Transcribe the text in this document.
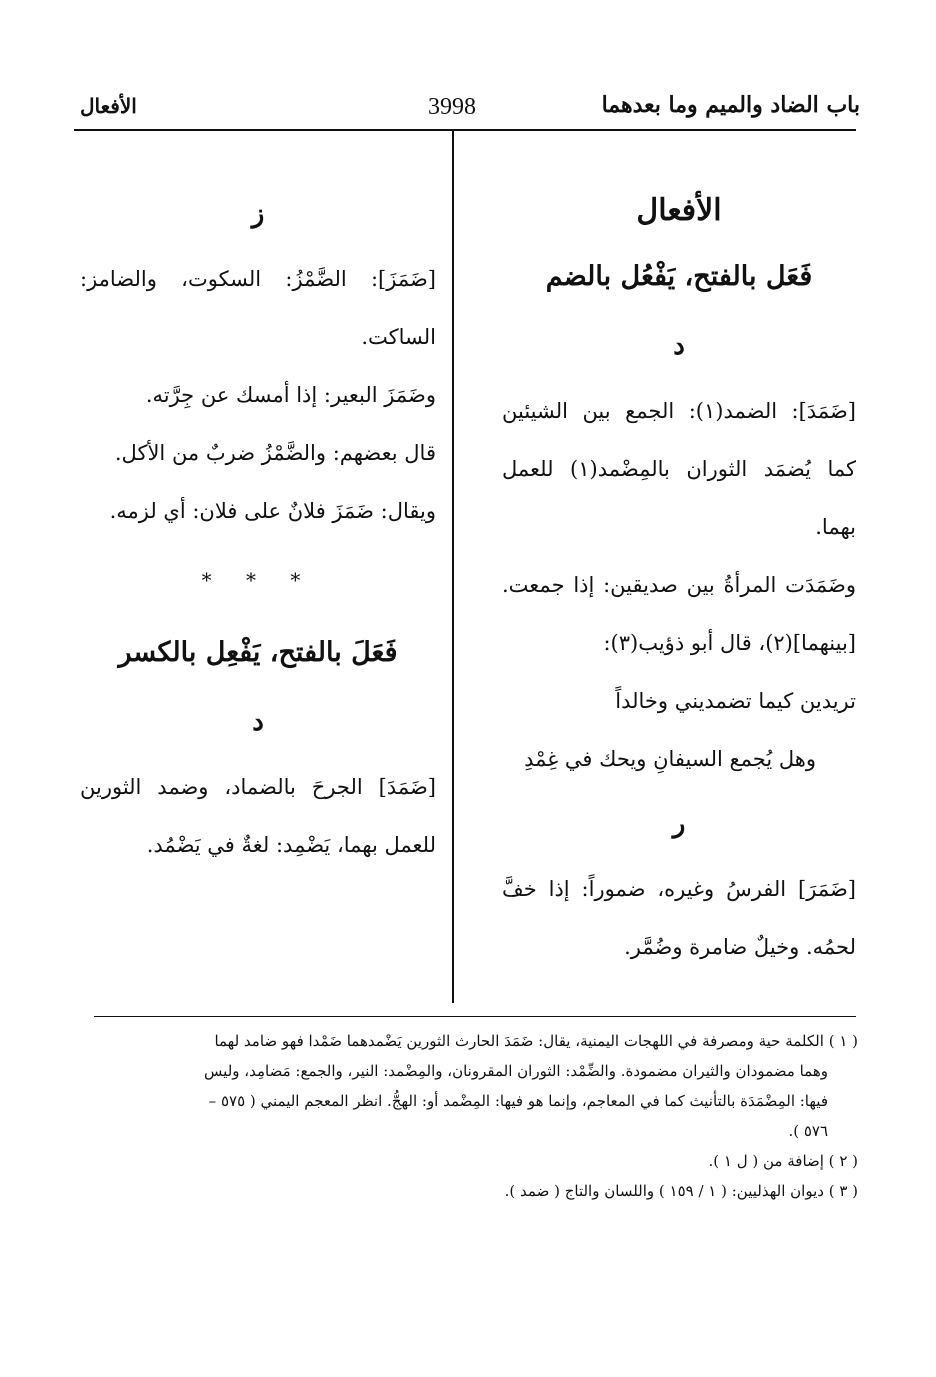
باب الضاد والميم وما بعدهما
3998
الأفعال

الأفعال

فَعَل بالفتح، يَفْعُل بالضم

د

[ضَمَدَ]: الضمد(١): الجمع بين الشيئين كما يُضمَد الثوران بالمِضْمد(١) للعمل بهما.

وضَمَدَت المرأةُ بين صديقين: إذا جمعت. [بينهما](٢)، قال أبو ذؤيب(٣):

تريدين كيما تضمديني وخالداً

وهل يُجمع السيفانِ ويحك في غِمْدِ

ر

[ضَمَرَ] الفرسُ وغيره، ضموراً: إذا خفَّ لحمُه. وخيلٌ ضامرة وضُمَّر.

ز

[ضَمَزَ]: الضَّمْزُ: السكوت، والضامز: الساكت.

وضَمَزَ البعير: إذا أمسك عن جِرَّته.

قال بعضهم: والضَّمْزُ ضربٌ من الأكل.

ويقال: ضَمَزَ فلانٌ على فلان: أي لزمه.

* * *

فَعَلَ بالفتح، يَفْعِل بالكسر

د

[ضَمَدَ] الجرحَ بالضماد، وضمد الثورين للعمل بهما، يَضْمِد: لغةٌ في يَضْمُد.

( ١ ) الكلمة حية ومصرفة في اللهجات اليمنية، يقال: ضَمَدَ الحارث الثورين يَضْمدهما ضَمْدا فهو ضامد لهما

وهما مضمودان والثيران مضمودة. والضِّمْد: الثوران المقرونان، والمِضْمد: النير، والجمع: مَضامِد، وليس

فيها: المِضْمَدَة بالتأنيث كما في المعاجم، وإنما هو فيها: المِضْمد أو: الهجُّ. انظر المعجم اليمني ( ٥٧٥ –

٥٧٦ ).

( ٢ ) إضافة من ( ل ١ ).

( ٣ ) ديوان الهذليين: ( ١ / ١٥٩ ) واللسان والتاج ( ضمد ).
